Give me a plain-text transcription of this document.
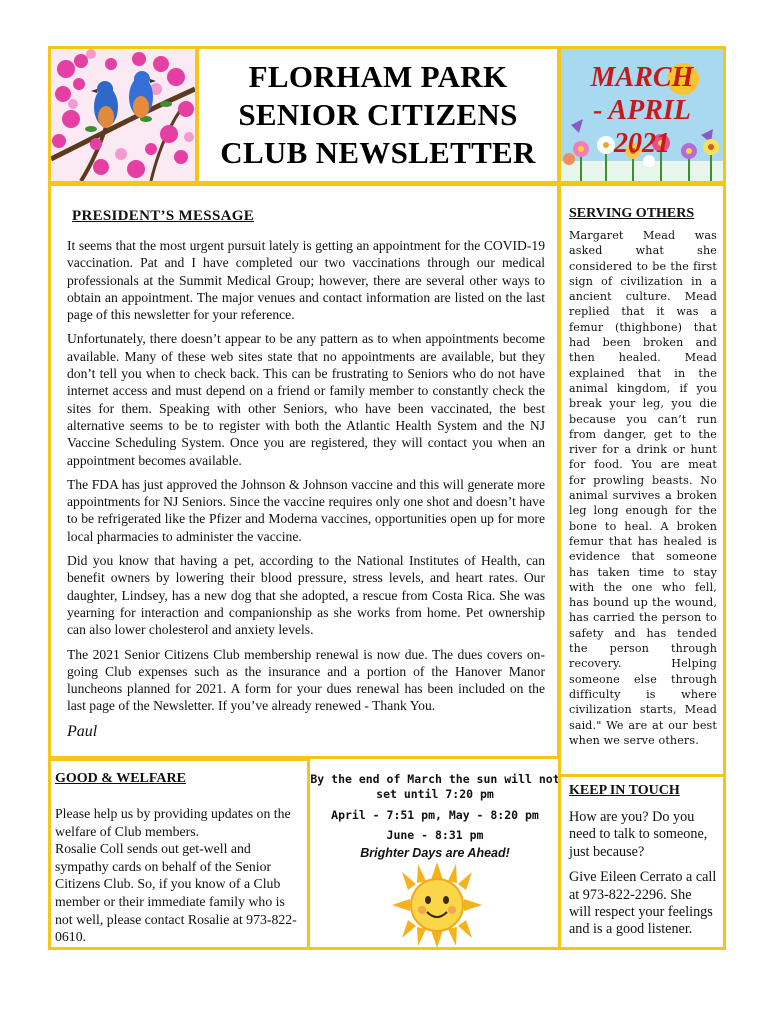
FLORHAM PARK
SENIOR CITIZENS
CLUB NEWSLETTER
MARCH
- APRIL
2021
PRESIDENT’S MESSAGE

It seems that the most urgent pursuit lately is getting an appointment for the COVID-19 vaccination. Pat and I have completed our two vaccinations through our medical professionals at the Summit Medical Group; however, there are several other ways to obtain an appointment. The major venues and contact information are listed on the last page of this newsletter for your reference.

Unfortunately, there doesn’t appear to be any pattern as to when appointments become available. Many of these web sites state that no appointments are available, but they don’t tell you when to check back. This can be frustrating to Seniors who do not have internet access and must depend on a friend or family member to constantly check the sites for them. Speaking with other Seniors, who have been vaccinated, the best alternative seems to be to register with both the Atlantic Health System and the NJ Vaccine Scheduling System. Once you are registered, they will contact you when an appointment becomes available.

The FDA has just approved the Johnson & Johnson vaccine and this will generate more appointments for NJ Seniors. Since the vaccine requires only one shot and doesn’t have to be refrigerated like the Pfizer and Moderna vaccines, opportunities open up for more local pharmacies to administer the vaccine.

Did you know that having a pet, according to the National Institutes of Health, can benefit owners by lowering their blood pressure, stress levels, and heart rates. Our daughter, Lindsey, has a new dog that she adopted, a rescue from Costa Rica. She was yearning for interaction and companionship as she works from home. Pet ownership can also lower cholesterol and anxiety levels.

The 2021 Senior Citizens Club membership renewal is now due. The dues covers on-going Club expenses such as the insurance and a portion of the Hanover Manor luncheons planned for 2021. A form for your dues renewal has been included on the last page of the Newsletter. If you’ve already renewed - Thank You.

Paul
SERVING OTHERS

Margaret Mead was asked what she considered to be the first sign of civilization in a ancient culture. Mead replied that it was a femur (thighbone) that had been broken and then healed. Mead explained that in the animal kingdom, if you break your leg, you die because you can’t run from danger, get to the river for a drink or hunt for food. You are meat for prowling beasts. No animal survives a broken leg long enough for the bone to heal. A broken femur that has healed is evidence that someone has taken time to stay with the one who fell, has bound up the wound, has carried the person to safety and has tended the person through recovery. Helping someone else through difficulty is where civilization starts, Mead said." We are at our best when we serve others.

GOOD & WELFARE

Please help us by providing updates on the welfare of Club members.

Rosalie Coll sends out get-well and sympathy cards on behalf of the Senior Citizens Club. So, if you know of a Club member or their immediate family who is not well, please contact Rosalie at 973-822-0610.

By the end of March the sun will not set until 7:20 pm
April - 7:51 pm, May - 8:20 pm
June - 8:31 pm
Brighter Days are Ahead!
KEEP IN TOUCH

How are you? Do you need to talk to someone, just because?

Give Eileen Cerrato a call at 973-822-2296. She will respect your feelings and is a good listener.
